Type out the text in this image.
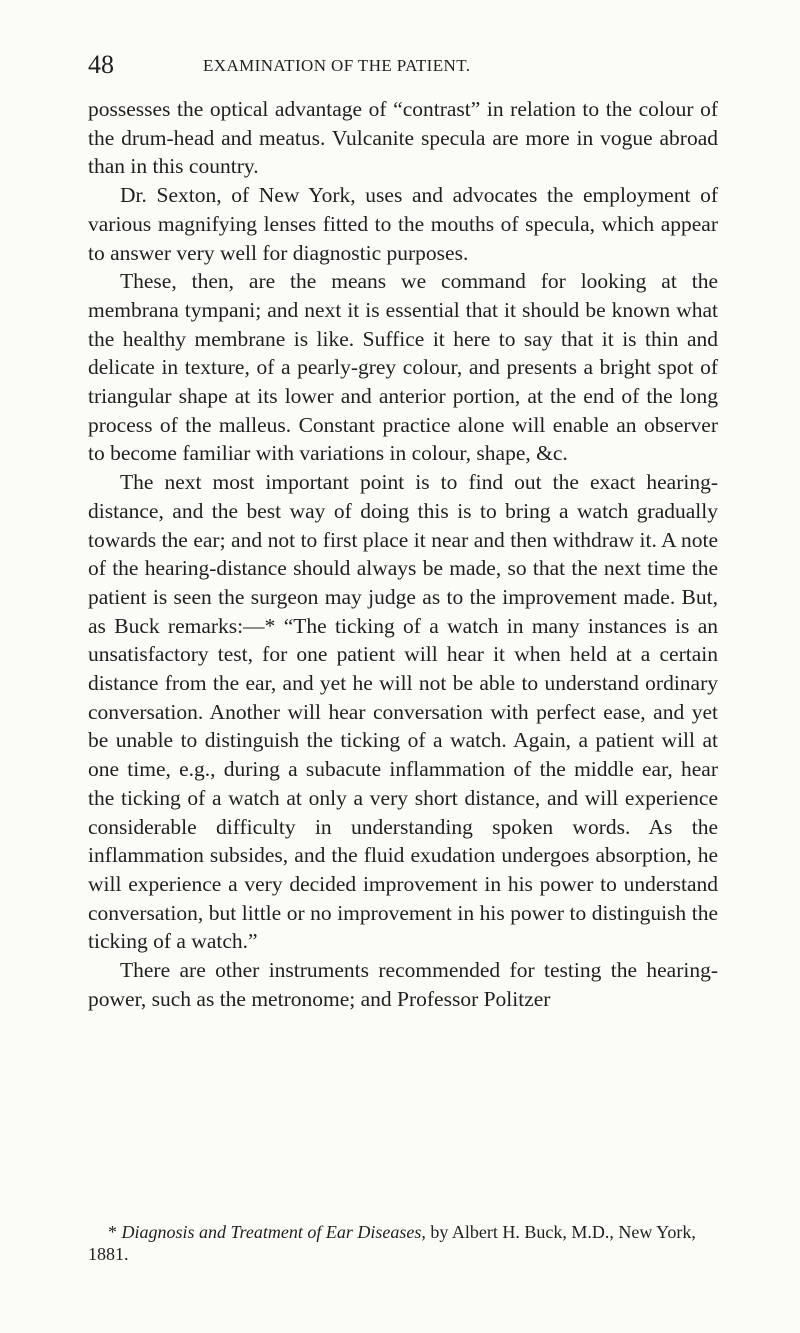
48	EXAMINATION OF THE PATIENT.

possesses the optical advantage of “contrast” in relation to the colour of the drum-head and meatus. Vulcanite specula are more in vogue abroad than in this country.

Dr. Sexton, of New York, uses and advocates the employment of various magnifying lenses fitted to the mouths of specula, which appear to answer very well for diagnostic purposes.

These, then, are the means we command for looking at the membrana tympani; and next it is essential that it should be known what the healthy membrane is like. Suffice it here to say that it is thin and delicate in texture, of a pearly-grey colour, and presents a bright spot of triangular shape at its lower and anterior portion, at the end of the long process of the malleus. Constant practice alone will enable an observer to become familiar with variations in colour, shape, &c.

The next most important point is to find out the exact hearing-distance, and the best way of doing this is to bring a watch gradually towards the ear; and not to first place it near and then withdraw it. A note of the hearing-distance should always be made, so that the next time the patient is seen the surgeon may judge as to the improvement made. But, as Buck remarks:—* “The ticking of a watch in many instances is an unsatisfactory test, for one patient will hear it when held at a certain distance from the ear, and yet he will not be able to understand ordinary conversation. Another will hear conversation with perfect ease, and yet be unable to distinguish the ticking of a watch. Again, a patient will at one time, e.g., during a subacute inflammation of the middle ear, hear the ticking of a watch at only a very short distance, and will experience considerable difficulty in understanding spoken words. As the inflammation subsides, and the fluid exudation undergoes absorption, he will experience a very decided improvement in his power to understand conversation, but little or no improvement in his power to distinguish the ticking of a watch.”

There are other instruments recommended for testing the hearing-power, such as the metronome; and Professor Politzer

* Diagnosis and Treatment of Ear Diseases, by Albert H. Buck, M.D., New York, 1881.
